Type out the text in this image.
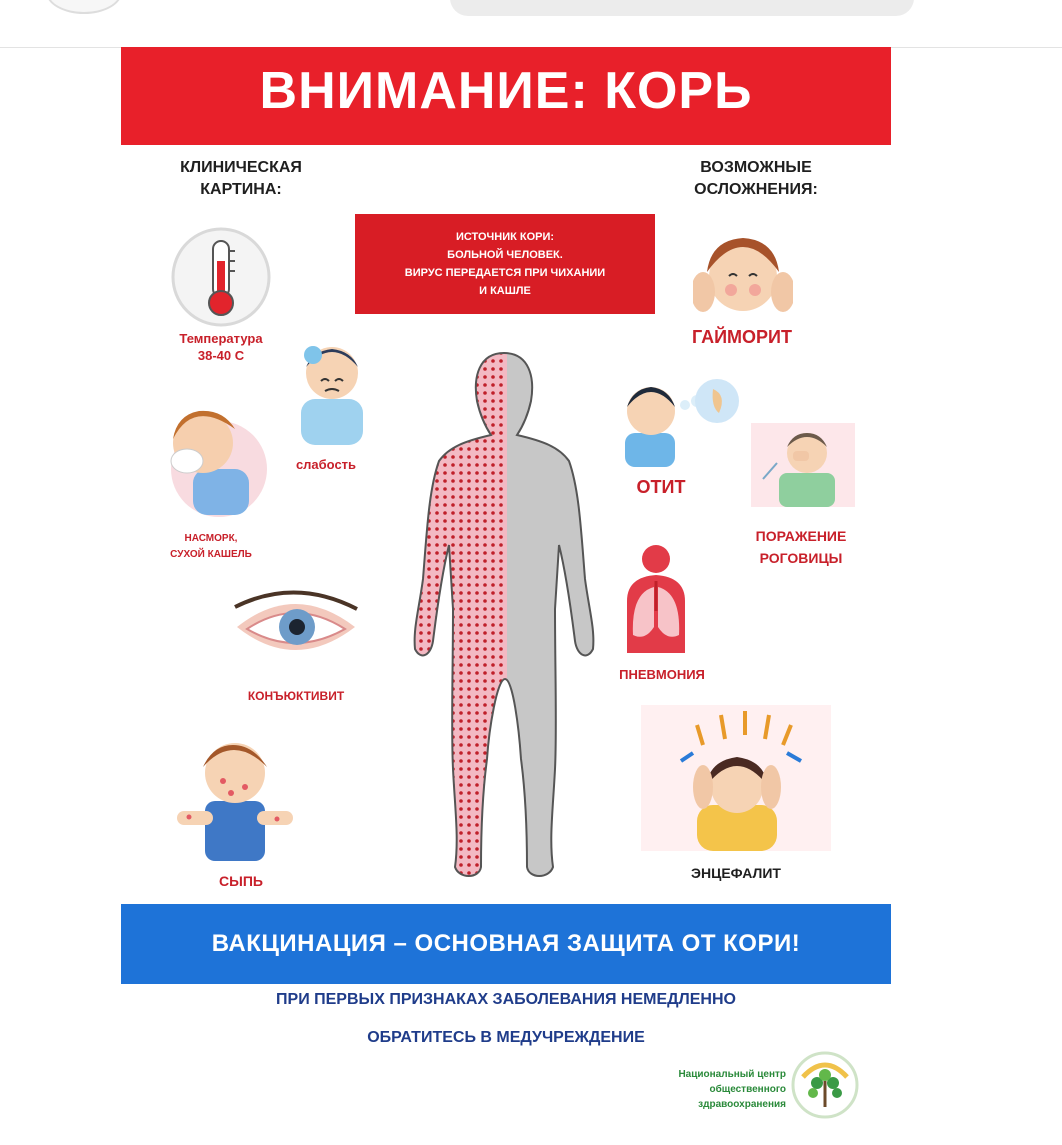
ВНИМАНИЕ: КОРЬ
КЛИНИЧЕСКАЯ
КАРТИНА:
ВОЗМОЖНЫЕ
ОСЛОЖНЕНИЯ:
ИСТОЧНИК КОРИ:
БОЛЬНОЙ ЧЕЛОВЕК.
ВИРУС ПЕРЕДАЕТСЯ ПРИ ЧИХАНИИ
И КАШЛЕ
Температура
38-40 С
слабость
НАСМОРК,
СУХОЙ КАШЕЛЬ
КОНЪЮКТИВИТ
СЫПЬ
ГАЙМОРИТ
ОТИТ
ПОРАЖЕНИЕ
РОГОВИЦЫ
ПНЕВМОНИЯ
ЭНЦЕФАЛИТ
ВАКЦИНАЦИЯ – ОСНОВНАЯ ЗАЩИТА ОТ КОРИ!
ПРИ ПЕРВЫХ ПРИЗНАКАХ ЗАБОЛЕВАНИЯ НЕМЕДЛЕННО
ОБРАТИТЕСЬ В МЕДУЧРЕЖДЕНИЕ
Национальный центр
общественного
здравоохранения
